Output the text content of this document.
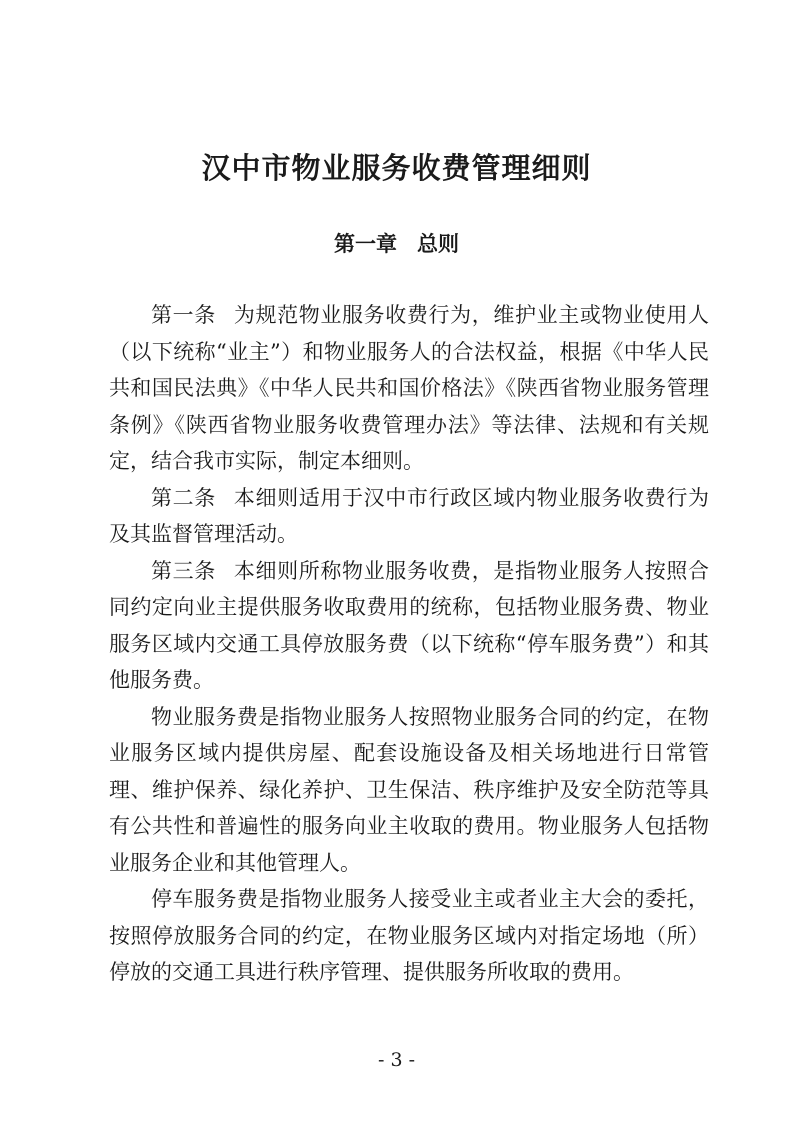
汉中市物业服务收费管理细则
第一章 总则

第一条 为规范物业服务收费行为，维护业主或物业使用人（以下统称“业主”）和物业服务人的合法权益，根据《中华人民共和国民法典》《中华人民共和国价格法》《陕西省物业服务管理条例》《陕西省物业服务收费管理办法》等法律、法规和有关规定，结合我市实际，制定本细则。

第二条 本细则适用于汉中市行政区域内物业服务收费行为及其监督管理活动。

第三条 本细则所称物业服务收费，是指物业服务人按照合同约定向业主提供服务收取费用的统称，包括物业服务费、物业服务区域内交通工具停放服务费（以下统称“停车服务费”）和其他服务费。

物业服务费是指物业服务人按照物业服务合同的约定，在物业服务区域内提供房屋、配套设施设备及相关场地进行日常管理、维护保养、绿化养护、卫生保洁、秩序维护及安全防范等具有公共性和普遍性的服务向业主收取的费用。物业服务人包括物业服务企业和其他管理人。

停车服务费是指物业服务人接受业主或者业主大会的委托，按照停放服务合同的约定，在物业服务区域内对指定场地（所）停放的交通工具进行秩序管理、提供服务所收取的费用。

- 3 -
